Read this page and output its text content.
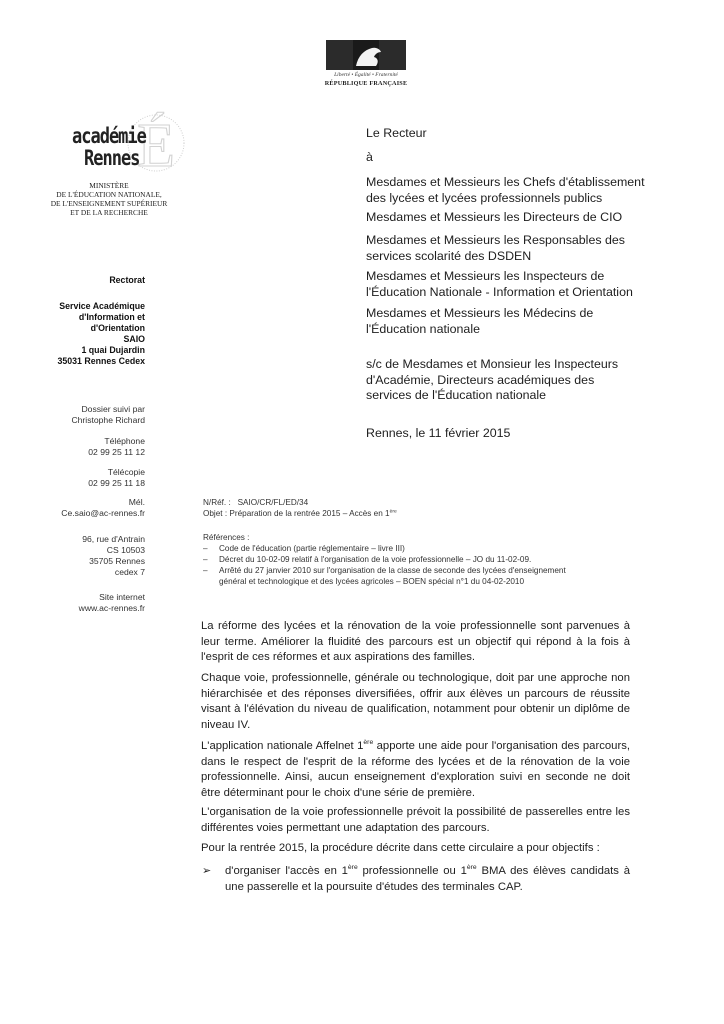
Liberté • Égalité • Fraternité
RÉPUBLIQUE FRANÇAISE
É
académie
Rennes
MINISTÈRE
DE L'ÉDUCATION NATIONALE,
DE L'ENSEIGNEMENT SUPÉRIEUR
ET DE LA RECHERCHE
Rectorat
Service Académique
d'Information et
d'Orientation
SAIO
1 quai Dujardin
35031 Rennes Cedex
Dossier suivi par
Christophe Richard
Téléphone
02 99 25 11 12
Télécopie
02 99 25 11 18
Mél.
Ce.saio@ac-rennes.fr
96, rue d'Antrain
CS 10503
35705 Rennes
cedex 7
Site internet
www.ac-rennes.fr
Le Recteur
à
Mesdames et Messieurs les Chefs d'établissement
des lycées et lycées professionnels publics
Mesdames et Messieurs les Directeurs de CIO
Mesdames et Messieurs les Responsables des
services scolarité des DSDEN
Mesdames et Messieurs les Inspecteurs de
l'Éducation Nationale - Information et Orientation
Mesdames et Messieurs les Médecins de
l'Éducation nationale
s/c de Mesdames et Monsieur les Inspecteurs
d'Académie, Directeurs académiques des
services de l'Éducation nationale
Rennes, le 11 février 2015
N/Réf. : SAIO/CR/FL/ED/34
Objet : Préparation de la rentrée 2015 – Accès en 1ère
Références :
– Code de l'éducation (partie réglementaire – livre III)
– Décret du 10-02-09 relatif à l'organisation de la voie professionnelle – JO du 11-02-09.
– Arrêté du 27 janvier 2010 sur l'organisation de la classe de seconde des lycées d'enseignement
général et technologique et des lycées agricoles – BOEN spécial n°1 du 04-02-2010
La réforme des lycées et la rénovation de la voie professionnelle sont parvenues à leur terme. Améliorer la fluidité des parcours est un objectif qui répond à la fois à l'esprit de ces réformes et aux aspirations des familles.
Chaque voie, professionnelle, générale ou technologique, doit par une approche non hiérarchisée et des réponses diversifiées, offrir aux élèves un parcours de réussite visant à l'élévation du niveau de qualification, notamment pour obtenir un diplôme de niveau IV.
L'application nationale Affelnet 1ère apporte une aide pour l'organisation des parcours, dans le respect de l'esprit de la réforme des lycées et de la rénovation de la voie professionnelle. Ainsi, aucun enseignement d'exploration suivi en seconde ne doit être déterminant pour le choix d'une série de première.
L'organisation de la voie professionnelle prévoit la possibilité de passerelles entre les différentes voies permettant une adaptation des parcours.
Pour la rentrée 2015, la procédure décrite dans cette circulaire a pour objectifs :
➢ d'organiser l'accès en 1ère professionnelle ou 1ère BMA des élèves candidats à une passerelle et la poursuite d'études des terminales CAP.
